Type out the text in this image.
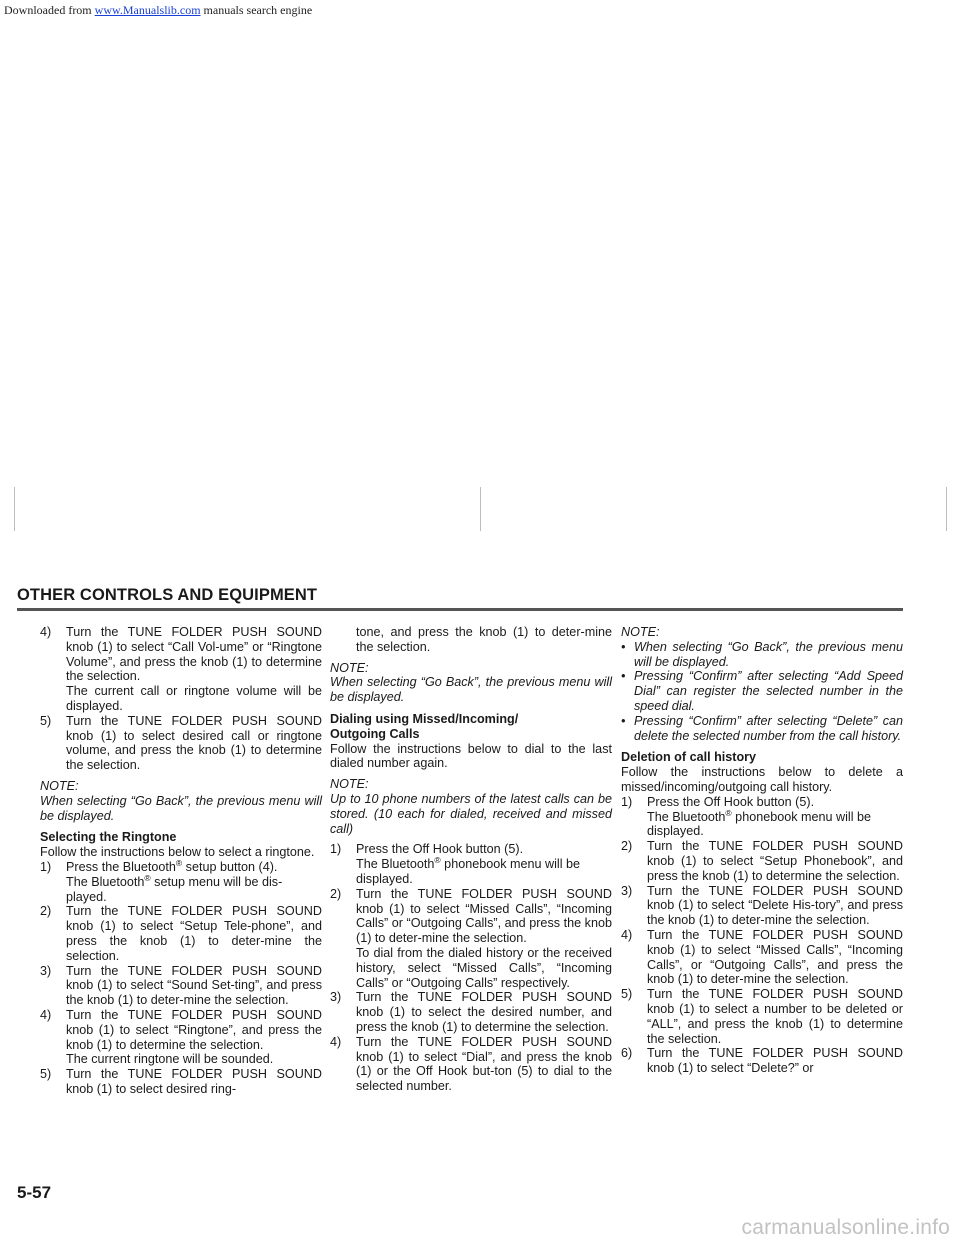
Downloaded from www.Manualslib.com manuals search engine
OTHER CONTROLS AND EQUIPMENT
4)	Turn the TUNE FOLDER PUSH SOUND knob (1) to select “Call Vol-ume” or “Ringtone Volume”, and press the knob (1) to determine the selection.

The current call or ringtone volume will be displayed.

5)	Turn the TUNE FOLDER PUSH SOUND knob (1) to select desired call or ringtone volume, and press the knob (1) to determine the selection.

NOTE:

When selecting “Go Back”, the previous menu will be displayed.

Selecting the Ringtone

Follow the instructions below to select a ringtone.

1)	Press the Bluetooth® setup button (4).
The Bluetooth® setup menu will be dis-played.
2)	Turn the TUNE FOLDER PUSH SOUND knob (1) to select “Setup Tele-phone”, and press the knob (1) to deter-mine the selection.

3)	Turn the TUNE FOLDER PUSH SOUND knob (1) to select “Sound Set-ting”, and press the knob (1) to deter-mine the selection.

4)	Turn the TUNE FOLDER PUSH SOUND knob (1) to select “Ringtone”, and press the knob (1) to determine the selection.

The current ringtone will be sounded.

5)	Turn the TUNE FOLDER PUSH SOUND knob (1) to select desired ring-

tone, and press the knob (1) to deter-mine the selection.

NOTE:

When selecting “Go Back”, the previous menu will be displayed.

Dialing using Missed/Incoming/ Outgoing Calls

Follow the instructions below to dial to the last dialed number again.

NOTE:

Up to 10 phone numbers of the latest calls can be stored. (10 each for dialed, received and missed call)

1)	Press the Off Hook button (5).
The Bluetooth® phonebook menu will be displayed.
2)	Turn the TUNE FOLDER PUSH SOUND knob (1) to select “Missed Calls”, “Incoming Calls” or “Outgoing Calls”, and press the knob (1) to deter-mine the selection.

To dial from the dialed history or the received history, select “Missed Calls”, “Incoming Calls” or “Outgoing Calls” respectively.

3)	Turn the TUNE FOLDER PUSH SOUND knob (1) to select the desired number, and press the knob (1) to determine the selection.

4)	Turn the TUNE FOLDER PUSH SOUND knob (1) to select “Dial”, and press the knob (1) or the Off Hook but-ton (5) to dial to the selected number.

NOTE:
• When selecting “Go Back”, the previous menu will be displayed.
• Pressing “Confirm” after selecting “Add Speed Dial” can register the selected number in the speed dial.
• Pressing “Confirm” after selecting “Delete” can delete the selected number from the call history.
Deletion of call history

Follow the instructions below to delete a missed/incoming/outgoing call history.

1)	Press the Off Hook button (5).
The Bluetooth® phonebook menu will be displayed.
2)	Turn the TUNE FOLDER PUSH SOUND knob (1) to select “Setup Phonebook”, and press the knob (1) to determine the selection.

3)	Turn the TUNE FOLDER PUSH SOUND knob (1) to select “Delete His-tory”, and press the knob (1) to deter-mine the selection.

4)	Turn the TUNE FOLDER PUSH SOUND knob (1) to select “Missed Calls”, “Incoming Calls”, or “Outgoing Calls”, and press the knob (1) to deter-mine the selection.

5)	Turn the TUNE FOLDER PUSH SOUND knob (1) to select a number to be deleted or “ALL”, and press the knob (1) to determine the selection.

6)	Turn the TUNE FOLDER PUSH SOUND knob (1) to select “Delete?” or

5-57
carmanualsonline.info
